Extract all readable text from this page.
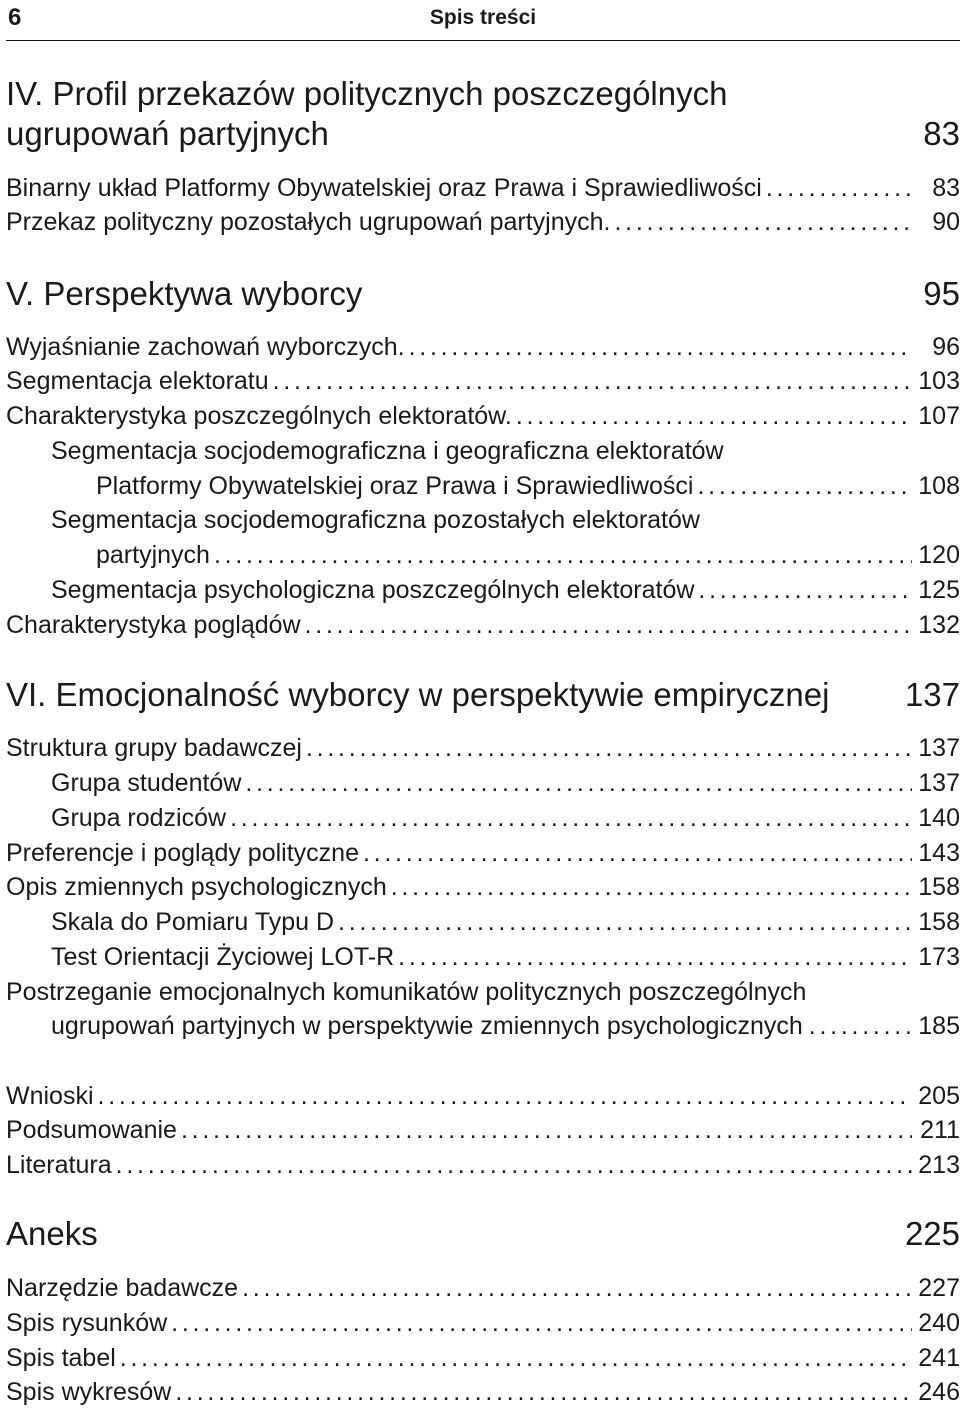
6	Spis treści
IV. Profil przekazów politycznych poszczególnych
ugrupowań partyjnych	83
Binarny układ Platformy Obywatelskiej oraz Prawa i Sprawiedliwości . . .	83
Przekaz polityczny pozostałych ugrupowań partyjnych. . . .	90
V. Perspektywa wyborcy	95
Wyjaśnianie zachowań wyborczych. . . .	96
Segmentacja elektoratu . . .	103
Charakterystyka poszczególnych elektoratów. . . .	107
Segmentacja socjodemograficzna i geograficzna elektoratów
Platformy Obywatelskiej oraz Prawa i Sprawiedliwości . . .	108
Segmentacja socjodemograficzna pozostałych elektoratów
partyjnych . . .	120
Segmentacja psychologiczna poszczególnych elektoratów . . .	125
Charakterystyka poglądów . . .	132
VI. Emocjonalność wyborcy w perspektywie empirycznej	137
Struktura grupy badawczej . . .	137
Grupa studentów . . .	137
Grupa rodziców . . .	140
Preferencje i poglądy polityczne . . .	143
Opis zmiennych psychologicznych . . .	158
Skala do Pomiaru Typu D . . .	158
Test Orientacji Życiowej LOT-R . . .	173
Postrzeganie emocjonalnych komunikatów politycznych poszczególnych
ugrupowań partyjnych w perspektywie zmiennych psychologicznych . . .	185
Wnioski . . .	205
Podsumowanie . . .	211
Literatura . . .	213
Aneks	225
Narzędzie badawcze . . .	227
Spis rysunków . . .	240
Spis tabel . . .	241
Spis wykresów . . .	246
